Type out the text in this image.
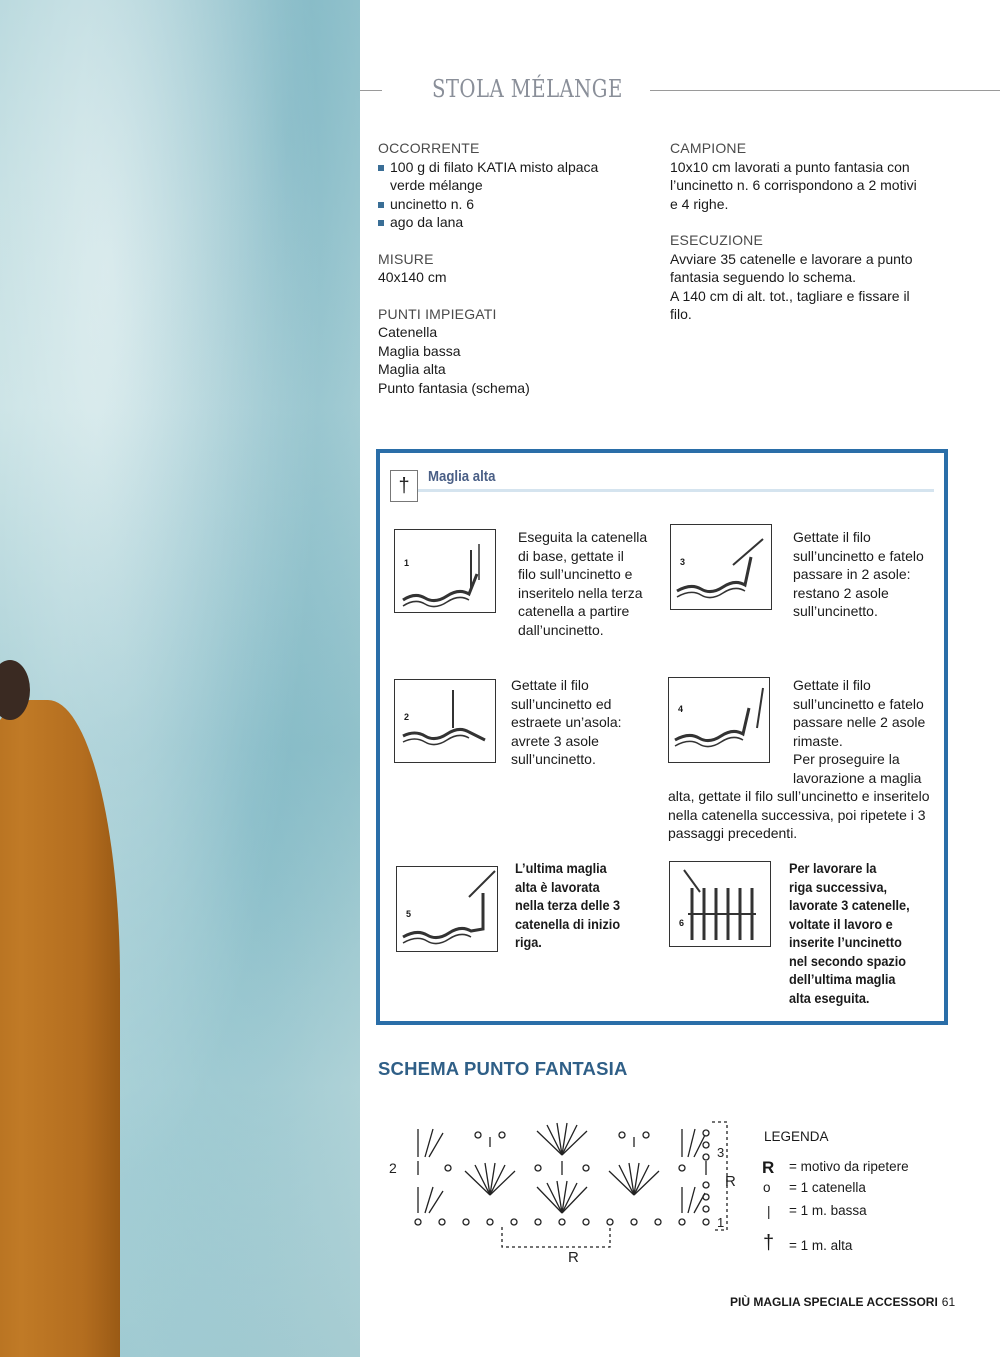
STOLA MÉLANGE
OCCORRENTE
100 g di filato KATIA misto alpaca verde mélange
uncinetto n. 6
ago da lana
MISURE
40x140 cm
PUNTI IMPIEGATI
Catenella
Maglia bassa
Maglia alta
Punto fantasia (schema)
CAMPIONE
10x10 cm lavorati a punto fantasia con
l’uncinetto n. 6 corrispondono a 2 motivi
e 4 righe.
ESECUZIONE
Avviare 35 catenelle e lavorare a punto
fantasia seguendo lo schema.
A 140 cm di alt. tot., tagliare e fissare il
filo.
†	Maglia alta
1
2
3
4
5
6
Eseguita la catenella
di base, gettate il
filo sull’uncinetto e
inseritelo nella terza
catenella a partire
dall’uncinetto.
Gettate il filo
sull’uncinetto ed
estraete un’asola:
avrete 3 asole
sull’uncinetto.
Gettate il filo
sull’uncinetto e fatelo
passare in 2 asole:
restano 2 asole
sull’uncinetto.
Gettate il filo
sull’uncinetto e fatelo
passare nelle 2 asole
rimaste.
Per proseguire la
lavorazione a maglia
alta, gettate il filo sull’uncinetto e inseritelo
nella catenella successiva, poi ripetete i 3
passaggi precedenti.
L’ultima maglia
alta è lavorata
nella terza delle 3
catenella di inizio
riga.
Per lavorare la
riga successiva,
lavorate 3 catenelle,
voltate il lavoro e
inserite l’uncinetto
nel secondo spazio
dell’ultima maglia
alta eseguita.
SCHEMA PUNTO FANTASIA
2
3
1
R
R
LEGENDA
R = motivo da ripetere
o = 1 catenella
| = 1 m. bassa
† = 1 m. alta
PIÙ MAGLIA SPECIALE ACCESSORI 61
